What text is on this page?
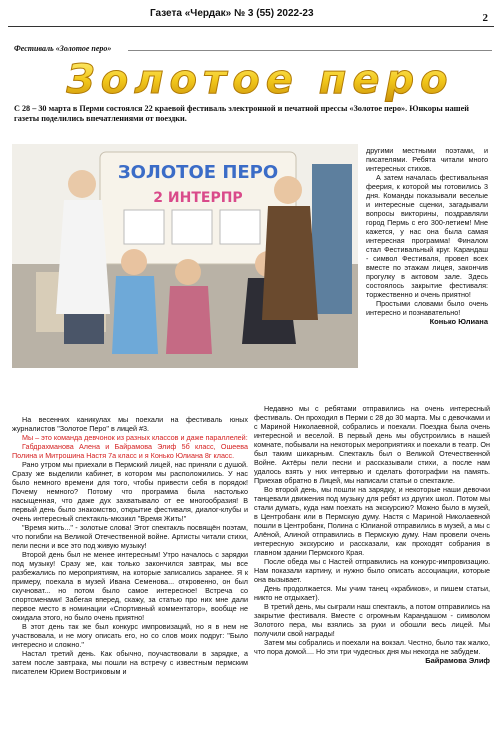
Газета «Чердак» № 3 (55) 2022-23	2
Фестиваль «Золотое перо»
Золотое перо
С 28 – 30 марта в Перми состоялся 22 краевой фестиваль электронной и печатной прессы «Золотое перо». Юнкоры нашей газеты поделились впечатлениями от поездки.
ЗОЛОТОЕ ПЕРО
2 ИНТЕРПР

другими местными поэтами, и писателями. Ребята читали много интересных стихов.

А затем началась фестивальная феерия, к которой мы готовились 3 дня. Команды показывали веселые и интересные сценки, загадывали вопросы викторины, поздравляли город Пермь с его 300-летием! Мне кажется, у нас она была самая интересная программа! Финалом стал Фестивальный круг. Карандаш - символ Фестиваля, провел всех вместе по этажам лицея, закончив прогулку в актовом зале. Здесь состоялось закрытие фестиваля: торжественно и очень приятно!

Простыми словами было очень интересно и познавательно!

Конько Юлиана

На весенних каникулах мы поехали на фестиваль юных журналистов "Золотое Перо" в лицей #3.

Мы – это команда девчонок из разных классов и даже параллелей:

Габдрахманова Алена и Байрамова Элиф 5б класс, Ошеева Полина и Митрошина Настя 7а класс и я Конько Юлиана 8г класс.

Рано утром мы приехали в Пермский лицей, нас приняли с душой. Сразу же выделили кабинет, в котором мы расположились. У нас было немного времени для того, чтобы привести себя в порядок! Почему немного? Потому что программа была настолько насыщенная, что даже дух захватывало от ее многообразия! В первый день было знакомство, открытие фестиваля, диалог-клубы и очень интересный спектакль-мюзикл "Время Жить!"

"Время жить..." - золотые слова! Этот спектакль посвящён поэтам, что погибли на Великой Отечественной войне. Артисты читали стихи, пели песни и все это под живую музыку!

Второй день был не менее интересным! Утро началось с зарядки под музыку! Сразу же, как только закончился завтрак, мы все разбежались по мероприятиям, на которые записались заранее. Я к примеру, поехала в музей Ивана Семенова... откровенно, он был скучноват... но потом было самое интересное! Встреча со спортсменами! Забегая вперед, скажу, за статью про них мне дали первое место в номинации «Спортивный комментатор», вообще не ожидала этого, но было очень приятно!

В этот день так же был конкурс импровизаций, но я в нем не участвовала, и не могу описать его, но со слов моих подруг: "Было интересно и сложно."

Настал третий день. Как обычно, поучаствовали в зарядке, а затем после завтрака, мы пошли на встречу с известным пермским писателем Юрием Востриковым и

Недавно мы с ребятами отправились на очень интересный фестиваль. Он проходил в Перми с 28 до 30 марта. Мы с девочками и с Мариной Николаевной, собрались и поехали. Поездка была очень интересной и веселой. В первый день мы обустроились в нашей комнате, побывали на некоторых мероприятиях и поехали в театр. Он был таким шикарным. Спектакль был о Великой Отечественной Войне. Актёры пели песни и рассказывали стихи, а после нам удалось взять у них интервью и сделать фотографии на память. Приехав обратно в Лицей, мы написали статьи о спектакле.

Во второй день, мы пошли на зарядку, и некоторые наши девочки танцевали движения под музыку для ребят из других школ. Потом мы стали думать, куда нам поехать на экскурсию? Можно было в музей, в Центробанк или в Пермскую думу. Настя с Мариной Николаевной пошли в Центробанк, Полина с Юлианой отправились в музей, а мы с Алёной, Алиной отправились в Пермскую думу. Нам провели очень интересную экскурсию и рассказали, как проходят собрания в главном здании Пермского Края.

После обеда мы с Настей отправились на конкурс-импровизацию. Нам показали картину, и нужно было описать ассоциации, которые она вызывает.

День продолжается. Мы учим танец «крабиков», и пишем статьи, никто не отдыхает).

В третий день, мы сыграли наш спектакль, а потом отправились на закрытие фестиваля. Вместе с огромным Карандашом - символом Золотого пера, мы взялись за руки и обошли весь лицей. Мы получили свой награды!

Затем мы собрались и поехали на вокзал. Честно, было так жалко, что пора домой.... Но эти три чудесных дня мы некогда не забудем.

Байрамова Элиф
